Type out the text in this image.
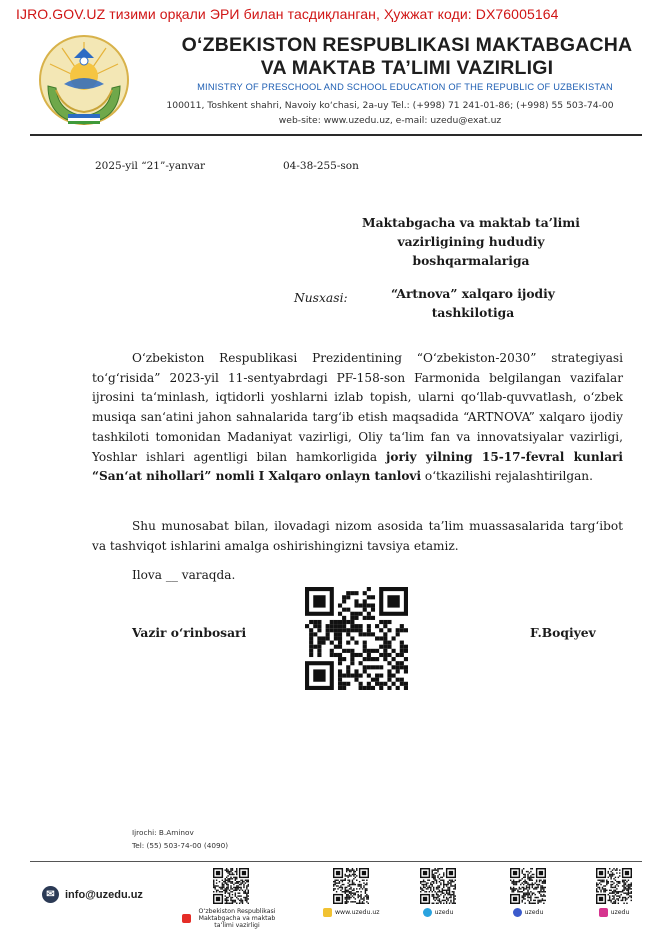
IJRO.GOV.UZ тизими орқали ЭРИ билан тасдиқланган, Ҳужжат коди: DX76005164
O‘ZBEKISTON RESPUBLIKASI MAKTABGACHA
VA MAKTAB TA’LIMI VAZIRLIGI
MINISTRY OF PRESCHOOL AND SCHOOL EDUCATION OF THE REPUBLIC OF UZBEKISTAN
100011, Toshkent shahri, Navoiy ko‘chasi, 2a-uy Tel.: (+998) 71 241-01-86; (+998) 55 503-74-00
web-site: www.uzedu.uz, e-mail: uzedu@exat.uz
2025-yil “21”-yanvar	04-38-255-son
Maktabgacha va maktab ta’limi
vazirligining hududiy
boshqarmalariga
Nusxasi:	“Artnova” xalqaro ijodiy
tashkilotiga
O‘zbekiston Respublikasi Prezidentining “O‘zbekiston-2030” strategiyasi to‘g‘risida” 2023-yil 11-sentyabrdagi PF-158-son Farmonida belgilangan vazifalar ijrosini ta‘minlash, iqtidorli yoshlarni izlab topish, ularni qo‘llab-quvvatlash, o‘zbek musiqa san‘atini jahon sahnalarida targ‘ib etish maqsadida “ARTNOVA” xalqaro ijodiy tashkiloti tomonidan Madaniyat vazirligi, Oliy ta‘lim fan va innovatsiyalar vazirligi, Yoshlar ishlari agentligi bilan hamkorligida joriy yilning 15-17-fevral kunlari “San‘at nihollari” nomli I Xalqaro onlayn tanlovi o‘tkazilishi rejalashtirilgan.
Shu munosabat bilan, ilovadagi nizom asosida ta’lim muassasalarida targ‘ibot va tashviqot ishlarini amalga oshirishingizni tavsiya etamiz.
Ilova __ varaqda.
Vazir o‘rinbosari	F.Boqiyev
Ijrochi: B.Aminov
Tel: (55) 503-74-00 (4090)
✉ info@uzedu.uz
O‘zbekiston Respublikasi Maktabgacha va maktab ta’limi vazirligi
www.uzedu.uz	uzedu	uzedu	uzedu
